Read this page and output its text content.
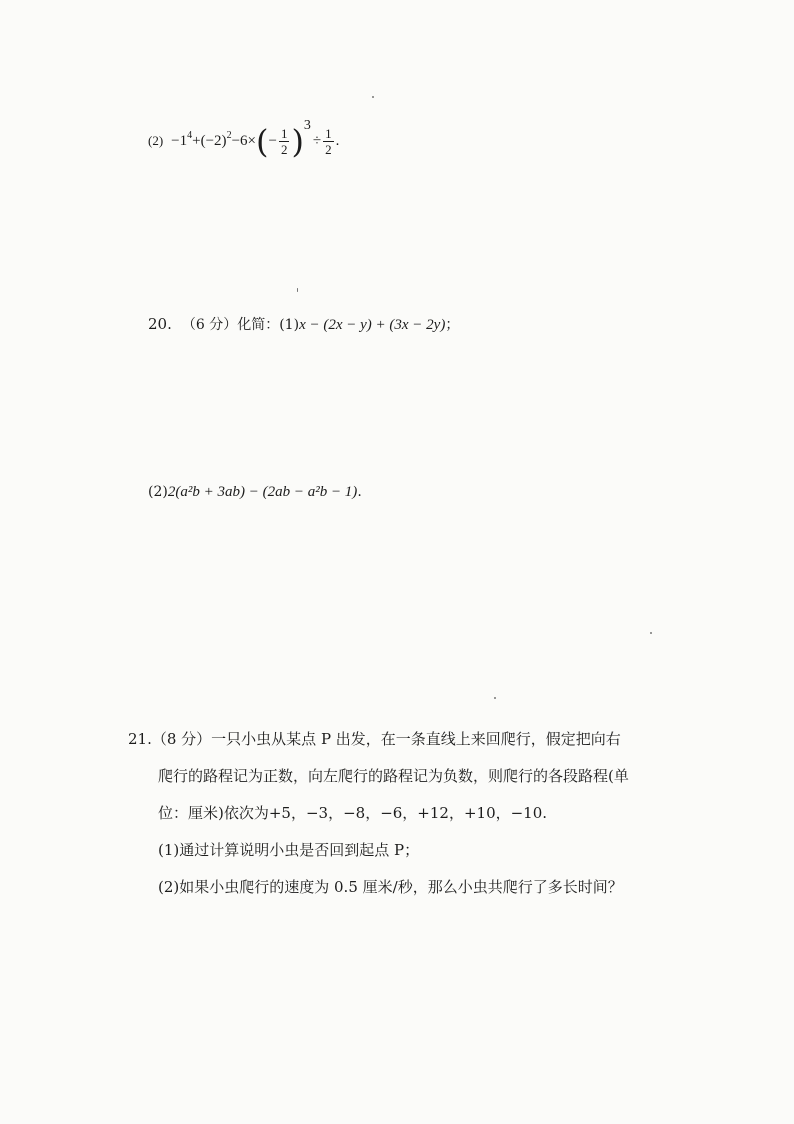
$(2) -1^4+(-2)^2-6\times(- \frac{1}{2} )3\div \frac{1}{2}$ .
20. （6 分）化简：(1)x − (2x − y) + (3x − 2y)；
(2)2(a²b + 3ab) − (2ab − a²b − 1).
21.（8 分）一只小虫从某点 P 出发，在一条直线上来回爬行，假定把向右
爬行的路程记为正数，向左爬行的路程记为负数，则爬行的各段路程(单
位：厘米)依次为+5，−3，−8，−6，+12，+10，−10.
(1)通过计算说明小虫是否回到起点 P；
(2)如果小虫爬行的速度为 0.5 厘米/秒，那么小虫共爬行了多长时间？
